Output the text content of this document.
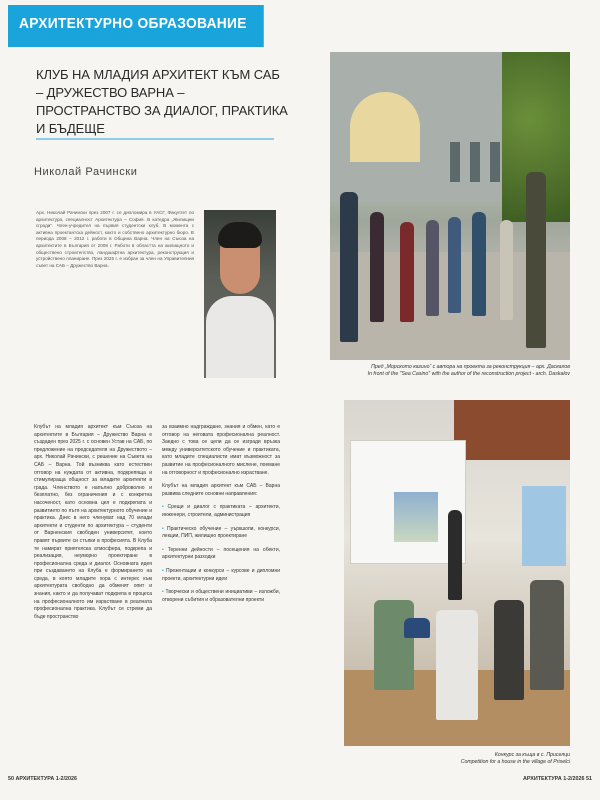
АРХИТЕКТУРНО ОБРАЗОВАНИЕ
КЛУБ НА МЛАДИЯ АРХИТЕКТ КЪМ САБ – ДРУЖЕСТВО ВАРНА – ПРОСТРАНСТВО ЗА ДИАЛОГ, ПРАКТИКА И БЪДЕЩЕ
Николай Рачински
Арх. Николай Рачински през 2007 г. се дипломира в УАСГ, Факултет по архитектура, специалност Архитектура – София. В катедра „Жилищни сгради“. Член-учредител на първия студентски клуб. В момента с активна проектантска дейност, както и собствено архитектурно бюро. В периода 2008 – 2012 г. работи в Община Варна. Член на Съюза на архитектите в България от 2008 г. Работи в областта на жилищното и обществено строителство, ландшафтна архитектура, реконструкция и устройствено планиране. През 2025 г. е избран за член на Управителния съвет на САБ – Дружество Варна.
Клубът на младия архитект към Съюза на архитектите в България – Дружество Варна е създаден през 2025 г. с основен Устав на САБ, по предложение на председателя на Дружеството – арх. Николай Рачински, с решение на Съвета на САБ – Варна. Той възниква като естествен отговор на нуждата от активна, подкрепяща и стимулираща общност за младите архитекти в града. Членството е напълно доброволно и безплатно, без ограничения и с конкретна насоченост, като основна цел е подкрепата и развитието по пътя на архитектурното обучение и практика. Днес в него членуват над 70 млади архитекти и студенти по архитектура – студенти от Варненския свободен университет, които правят първите си стъпки в професията. В Клуба те намират приятелска атмосфера, подкрепа и реализация, неуморно проектиране в професионална среда и диалог. Основната идея при създаването на Клуба е формирането на среда, в която младите хора с интерес към архитектурата свободно да обменят опит и знания, както и да получават подкрепа в процеса на професионалното им израстване в реалната професионална практика. Клубът се стреми да бъде пространство

за взаимно надграждане, знания и обмен, като е отговор на неговата професионална реалност. Заедно с това се цели да се изгради връзка между университетското обучение и практиката, като младите специалисти имат възможност за развитие на професионалното мислене, поемане на отговорност и професионално израстване.

Клубът на младия архитект към САБ – Варна развива следните основни направления:

• Срещи и диалог с практиката – архитекти, инженери, строители, администрация
• Практическо обучение – уъркшопи, конкурси, лекции, ПИП, жилищно проектиране
• Теренни дейности – посещения на обекти, архитектурни разходки
• Презентации и конкурси – курсове и дипломни проекти, архитектурни идеи
• Творчески и обществени инициативи – изложби, отворени събития и образователни проекти
Пред „Морското казино“ с автора на проекта за реконструкция – арх. Даскалов
In front of the "Sea Casino" with the author of the reconstruction project - arch. Daskalov
Конкурс за къща в с. Приселци
Competition for a house in the village of Priselci
50 АРХИТЕКТУРА 1-2/2026	АРХИТЕКТУРА 1-2/2026 51
